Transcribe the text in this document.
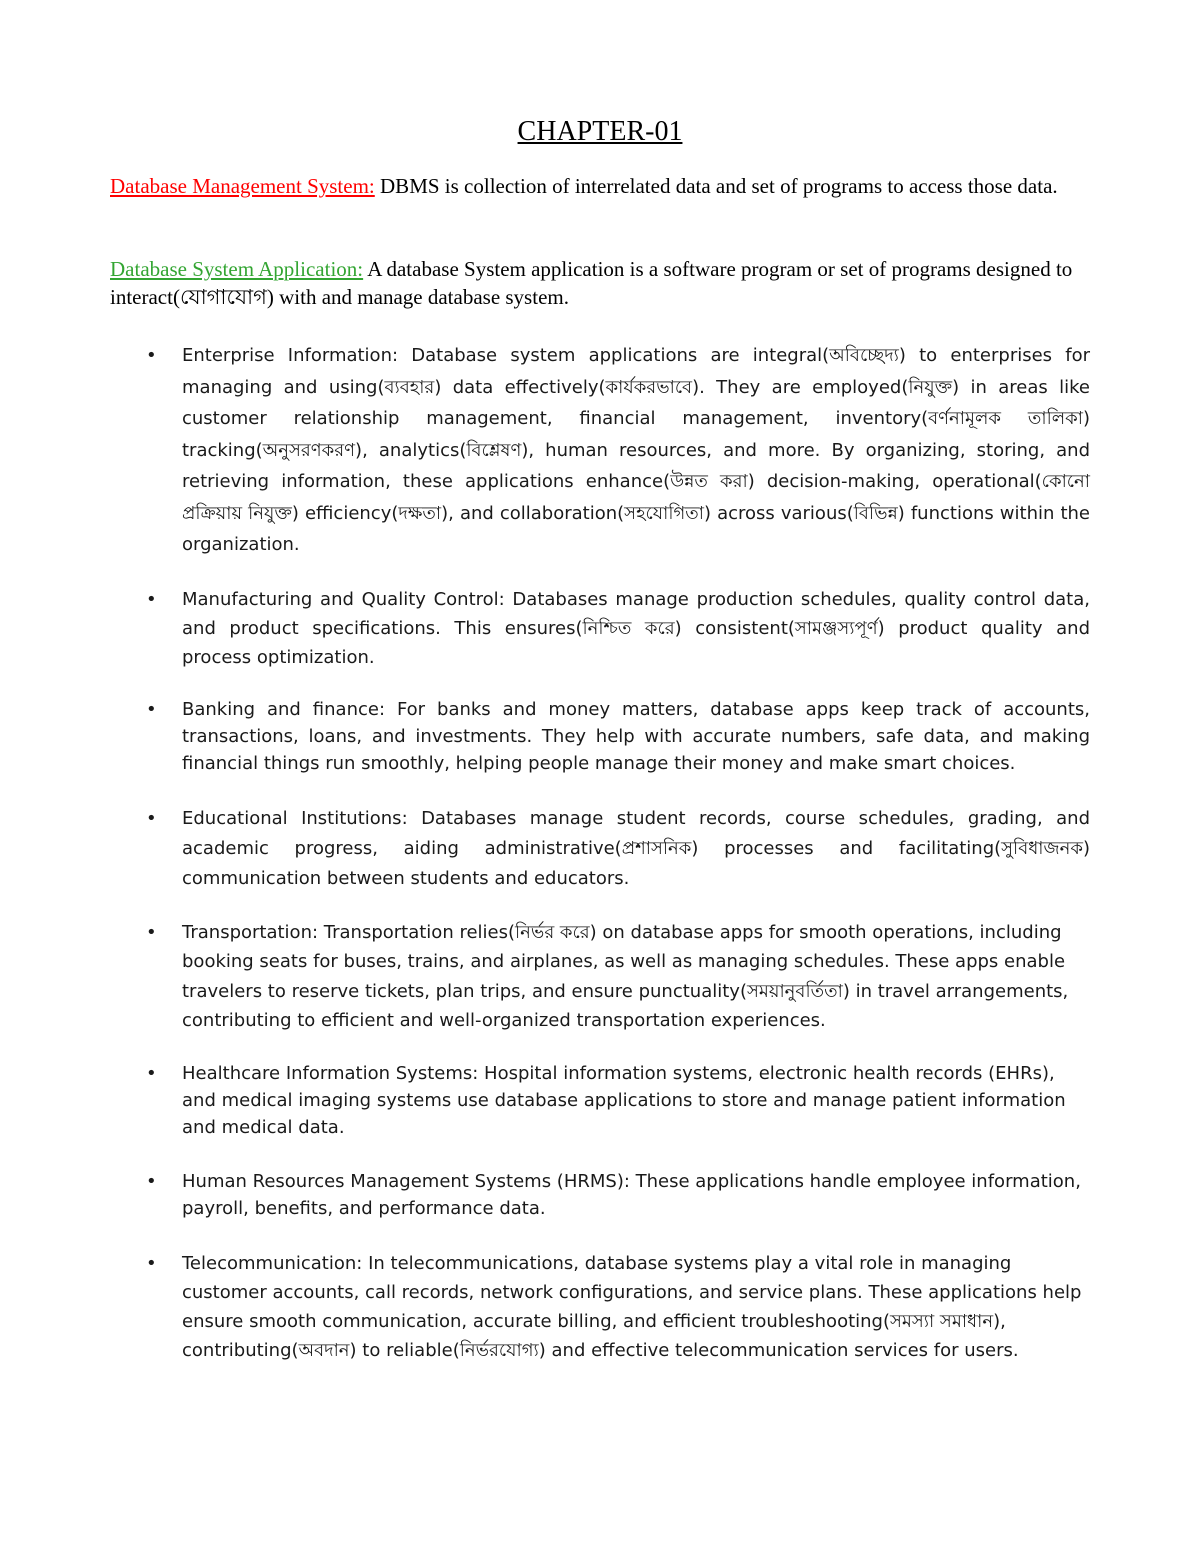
CHAPTER-01

Database Management System: DBMS is collection of interrelated data and set of programs to access those data.

Database System Application: A database System application is a software program or set of programs designed to interact(যোগাযোগ) with and manage database system.

• Enterprise Information: Database system applications are integral(অবিচ্ছেদ্য) to enterprises for managing and using(ব্যবহার) data effectively(কার্যকরভাবে). They are employed(নিযুক্ত) in areas like customer relationship management, financial management, inventory(বর্ণনামূলক তালিকা) tracking(অনুসরণকরণ), analytics(বিশ্লেষণ), human resources, and more. By organizing, storing, and retrieving information, these applications enhance(উন্নত করা) decision-making, operational(কোনো প্রক্রিয়ায় নিযুক্ত) efficiency(দক্ষতা), and collaboration(সহযোগিতা) across various(বিভিন্ন) functions within the organization.
• Manufacturing and Quality Control: Databases manage production schedules, quality control data, and product specifications. This ensures(নিশ্চিত করে) consistent(সামঞ্জস্যপূর্ণ) product quality and process optimization.
• Banking and finance: For banks and money matters, database apps keep track of accounts, transactions, loans, and investments. They help with accurate numbers, safe data, and making financial things run smoothly, helping people manage their money and make smart choices.
• Educational Institutions: Databases manage student records, course schedules, grading, and academic progress, aiding administrative(প্রশাসনিক) processes and facilitating(সুবিধাজনক) communication between students and educators.
• Transportation: Transportation relies(নির্ভর করে) on database apps for smooth operations, including booking seats for buses, trains, and airplanes, as well as managing schedules. These apps enable travelers to reserve tickets, plan trips, and ensure punctuality(সময়ানুবর্তিতা) in travel arrangements, contributing to efficient and well-organized transportation experiences.
• Healthcare Information Systems: Hospital information systems, electronic health records (EHRs), and medical imaging systems use database applications to store and manage patient information and medical data.
• Human Resources Management Systems (HRMS): These applications handle employee information, payroll, benefits, and performance data.
• Telecommunication: In telecommunications, database systems play a vital role in managing customer accounts, call records, network configurations, and service plans. These applications help ensure smooth communication, accurate billing, and efficient troubleshooting(সমস্যা সমাধান), contributing(অবদান) to reliable(নির্ভরযোগ্য) and effective telecommunication services for users.
